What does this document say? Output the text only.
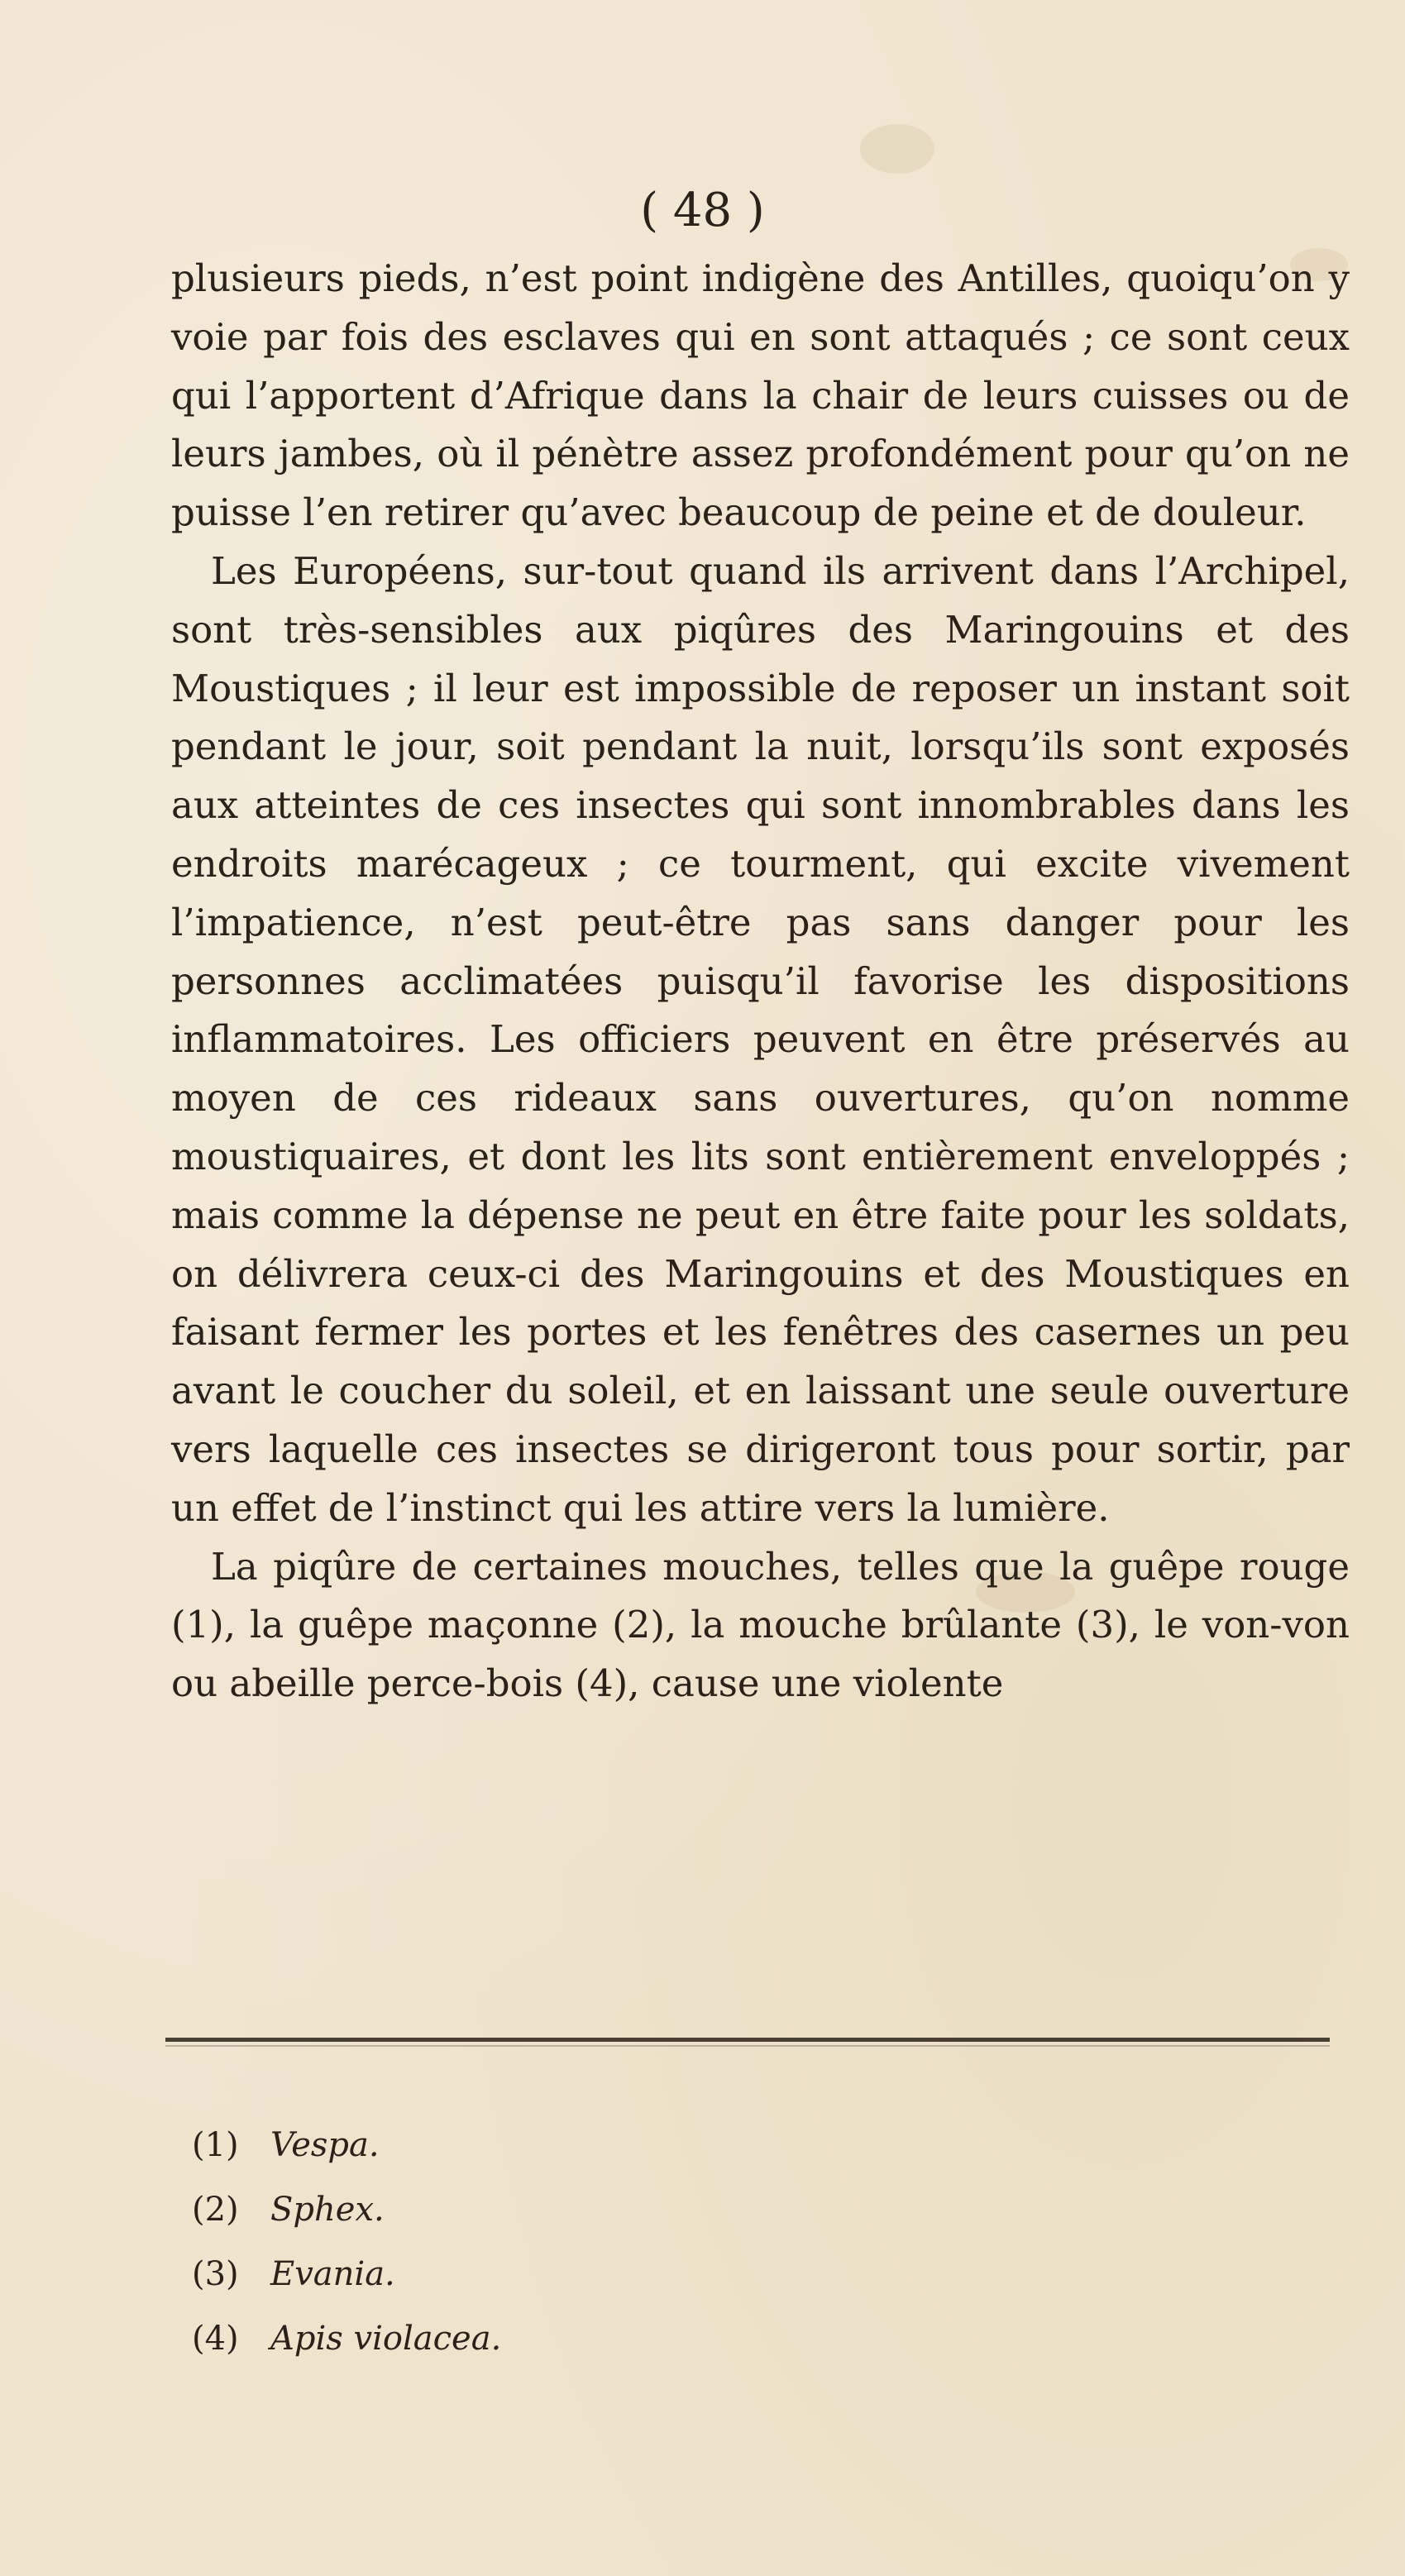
( 48 )

plusieurs pieds, n’est point indigène des Antilles, quoiqu’on y voie par fois des esclaves qui en sont attaqués ; ce sont ceux qui l’apportent d’Afrique dans la chair de leurs cuisses ou de leurs jambes, où il pénètre assez profondément pour qu’on ne puisse l’en retirer qu’avec beaucoup de peine et de douleur.

Les Européens, sur-tout quand ils arrivent dans l’Archipel, sont très-sensibles aux piqûres des Maringouins et des Moustiques ; il leur est impossible de reposer un instant soit pendant le jour, soit pendant la nuit, lorsqu’ils sont exposés aux atteintes de ces insectes qui sont innombrables dans les endroits marécageux ; ce tourment, qui excite vivement l’impatience, n’est peut-être pas sans danger pour les personnes acclimatées puisqu’il favorise les dispositions inflammatoires. Les officiers peuvent en être préservés au moyen de ces rideaux sans ouvertures, qu’on nomme moustiquaires, et dont les lits sont entièrement enveloppés ; mais comme la dépense ne peut en être faite pour les soldats, on délivrera ceux-ci des Maringouins et des Moustiques en faisant fermer les portes et les fenêtres des casernes un peu avant le coucher du soleil, et en laissant une seule ouverture vers laquelle ces insectes se dirigeront tous pour sortir, par un effet de l’instinct qui les attire vers la lumière.

La piqûre de certaines mouches, telles que la guêpe rouge (1), la guêpe maçonne (2), la mouche brûlante (3), le von-von ou abeille perce-bois (4), cause une violente

(1) Vespa.
(2) Sphex.
(3) Evania.
(4) Apis violacea.
